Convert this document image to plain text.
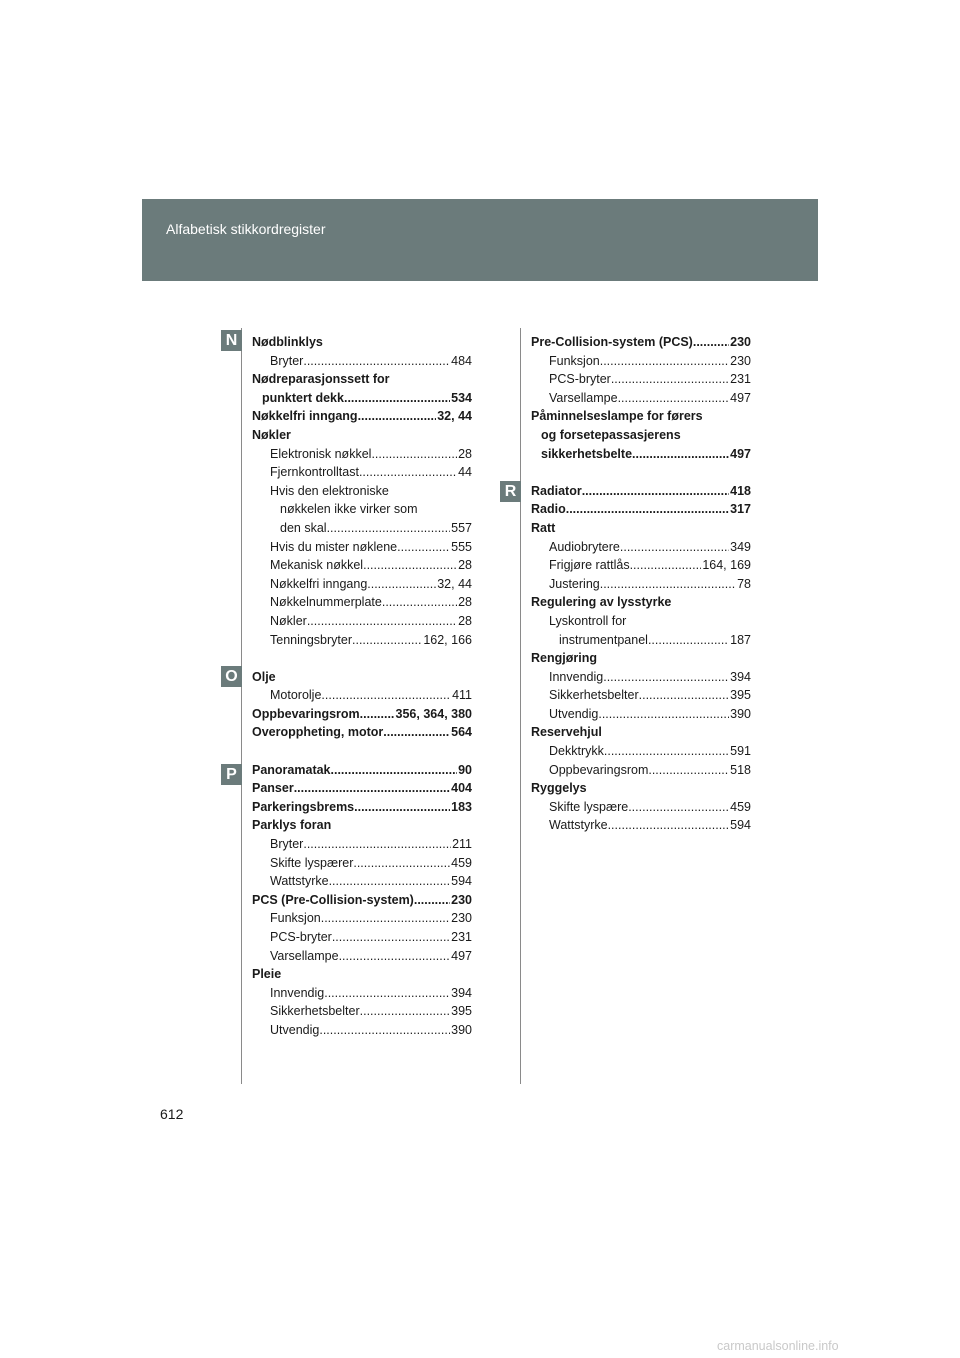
Alfabetisk stikkordregister
N
O
P
R
Nødblinklys
Bryter .....	484
Nødreparasjonssett for
punktert dekk .....	534
Nøkkelfri inngang .....	32, 44
Nøkler
Elektronisk nøkkel .....	28
Fjernkontrolltast .....	44
Hvis den elektroniske
nøkkelen ikke virker som
den skal .....	557
Hvis du mister nøklene .....	555
Mekanisk nøkkel .....	28
Nøkkelfri inngang .....	32, 44
Nøkkelnummerplate .....	28
Nøkler .....	28
Tenningsbryter .....	162, 166
Olje
Motorolje .....	411
Oppbevaringsrom .....	356, 364, 380
Overoppheting, motor .....	564
Panoramatak .....	90
Panser .....	404
Parkeringsbrems .....	183
Parklys foran
Bryter .....	211
Skifte lyspærer .....	459
Wattstyrke .....	594
PCS (Pre-Collision-system) .....	230
Funksjon .....	230
PCS-bryter .....	231
Varsellampe .....	497
Pleie
Innvendig .....	394
Sikkerhetsbelter .....	395
Utvendig .....	390
Pre-Collision-system (PCS) .....	230
Funksjon .....	230
PCS-bryter .....	231
Varsellampe .....	497
Påminnelseslampe for førers
og forsetepassasjerens
sikkerhetsbelte .....	497
Radiator .....	418
Radio .....	317
Ratt
Audiobrytere .....	349
Frigjøre rattlås .....	164, 169
Justering .....	78
Regulering av lysstyrke
Lyskontroll for
instrumentpanel .....	187
Rengjøring
Innvendig .....	394
Sikkerhetsbelter .....	395
Utvendig .....	390
Reservehjul
Dekktrykk .....	591
Oppbevaringsrom .....	518
Ryggelys
Skifte lyspære .....	459
Wattstyrke .....	594
612
carmanualsonline.info
